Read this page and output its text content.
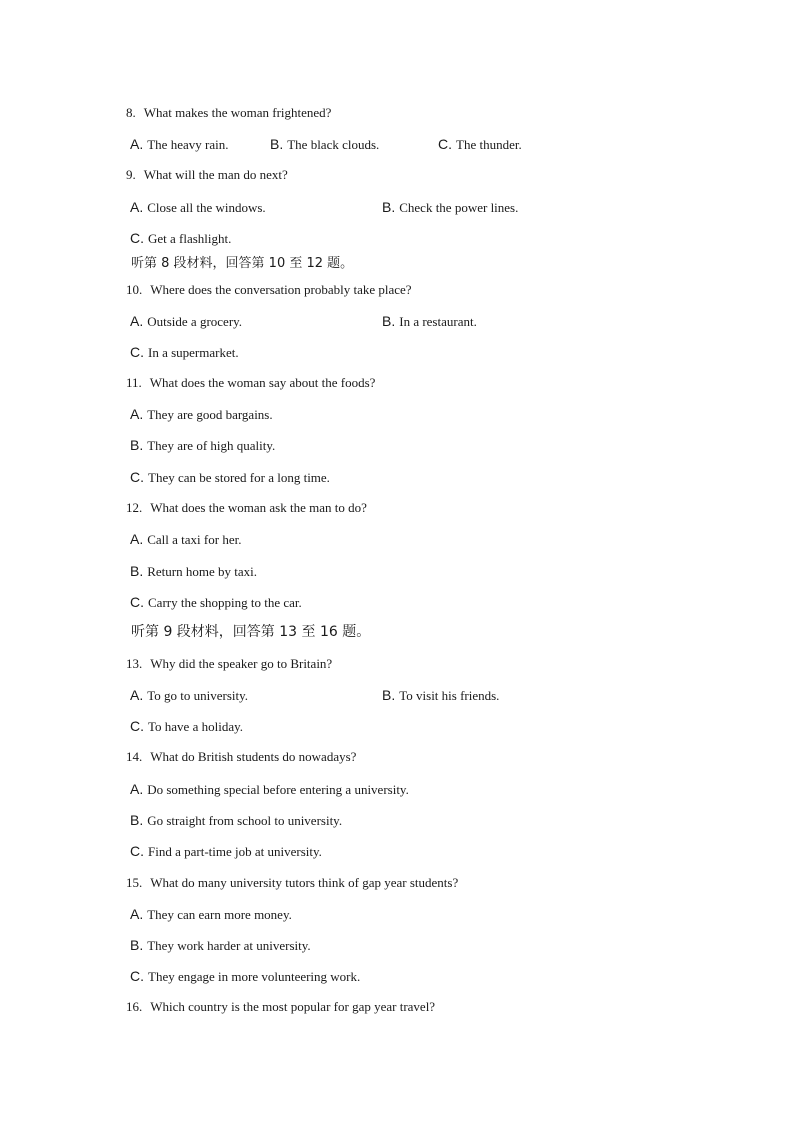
8. What makes the woman frightened?
A. The heavy rain.	B. The black clouds.	C. The thunder.
9. What will the man do next?
A. Close all the windows.	B. Check the power lines.
C. Get a flashlight.
听第 8 段材料，回答第 10 至 12 题。
10. Where does the conversation probably take place?
A. Outside a grocery.	B. In a restaurant.
C. In a supermarket.
11. What does the woman say about the foods?
A. They are good bargains.
B. They are of high quality.
C. They can be stored for a long time.
12. What does the woman ask the man to do?
A. Call a taxi for her.
B. Return home by taxi.
C. Carry the shopping to the car.
听第 9 段材料，回答第 13 至 16 题。
13. Why did the speaker go to Britain?
A. To go to university.	B. To visit his friends.
C. To have a holiday.
14. What do British students do nowadays?
A. Do something special before entering a university.
B. Go straight from school to university.
C. Find a part-time job at university.
15. What do many university tutors think of gap year students?
A. They can earn more money.
B. They work harder at university.
C. They engage in more volunteering work.
16. Which country is the most popular for gap year travel?
